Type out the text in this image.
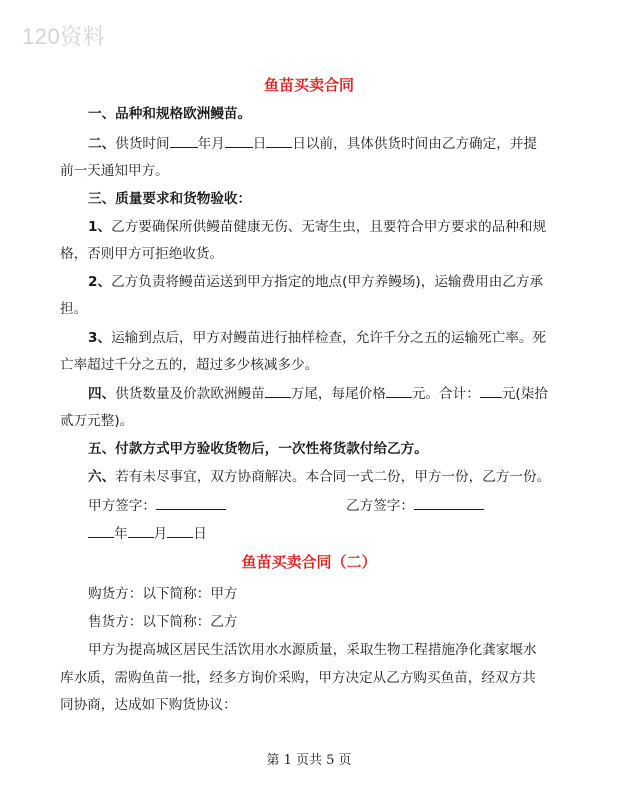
120资料
鱼苗买卖合同
一、品种和规格欧洲鳗苗。
二、供货时间 年月 日 日以前，具体供货时间由乙方确定，并提
前一天通知甲方。
三、质量要求和货物验收：
1、乙方要确保所供鳗苗健康无伤、无寄生虫，且要符合甲方要求的品种和规
格，否则甲方可拒绝收货。
2、乙方负责将鳗苗运送到甲方指定的地点(甲方养鳗场)，运输费用由乙方承
担。
3、运输到点后，甲方对鳗苗进行抽样检查，允许千分之五的运输死亡率。死
亡率超过千分之五的，超过多少核减多少。
四、供货数量及价款欧洲鳗苗 万尾，每尾价格 元。合计： 元(柒拾
贰万元整)。
五、付款方式甲方验收货物后，一次性将货款付给乙方。
六、若有未尽事宜，双方协商解决。本合同一式二份，甲方一份，乙方一份。
甲方签字：	乙方签字：
年 月 日
鱼苗买卖合同（二）
购货方：以下简称：甲方
售货方：以下简称：乙方
甲方为提高城区居民生活饮用水水源质量，采取生物工程措施净化龚家堰水
库水质，需购鱼苗一批，经多方询价采购，甲方决定从乙方购买鱼苗，经双方共
同协商，达成如下购货协议：
第 1 页共 5 页
